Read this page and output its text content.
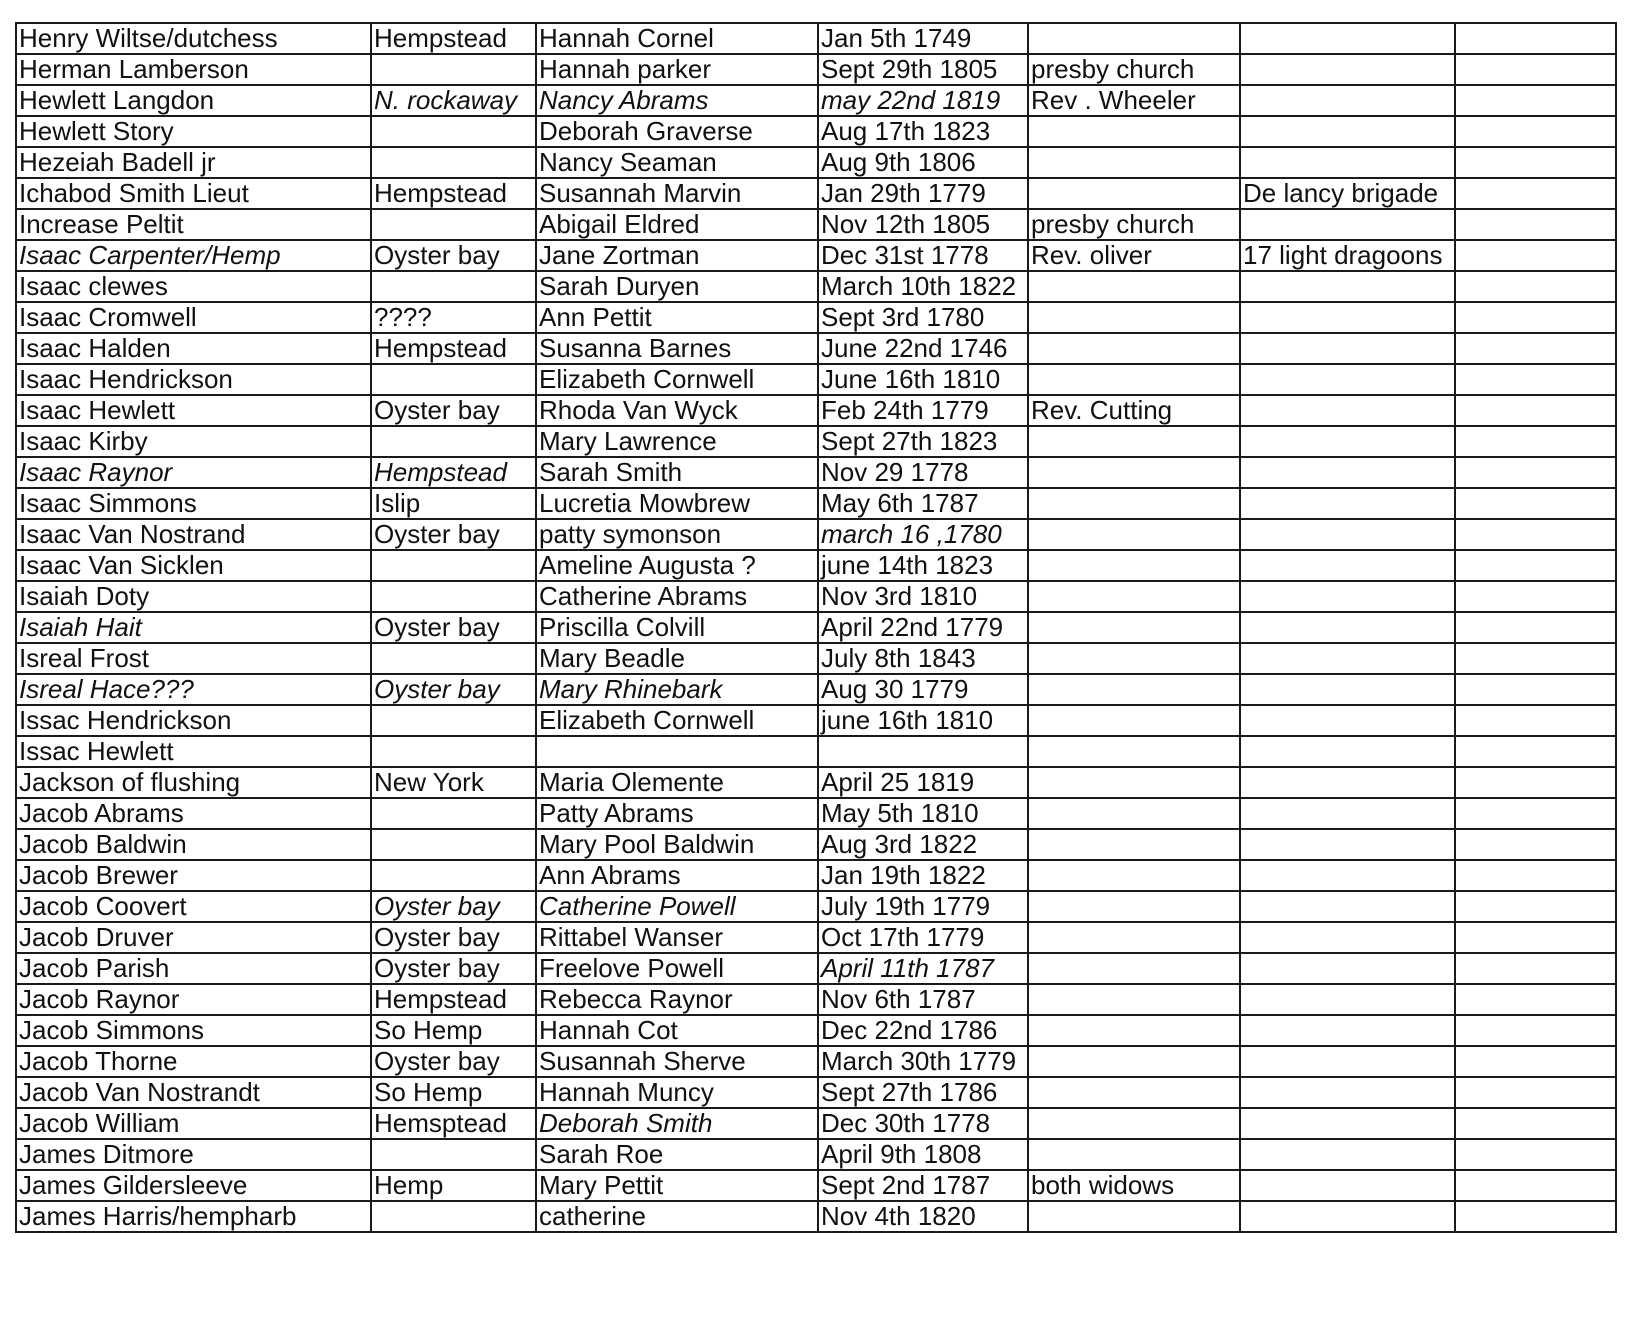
Henry Wiltse/dutchess	Hempstead	Hannah Cornel	Jan 5th 1749			
Herman Lamberson		Hannah parker	Sept 29th 1805	presby church		
Hewlett Langdon	N. rockaway	Nancy Abrams	may 22nd 1819	Rev . Wheeler		
Hewlett Story		Deborah Graverse	Aug 17th 1823			
Hezeiah Badell jr		Nancy Seaman	Aug 9th 1806			
Ichabod Smith Lieut	Hempstead	Susannah Marvin	Jan 29th 1779		De lancy brigade	
Increase Peltit		Abigail Eldred	Nov 12th 1805	presby church		
Isaac Carpenter/Hemp	Oyster bay	Jane Zortman	Dec 31st 1778	Rev. oliver	17 light dragoons	
Isaac clewes		Sarah Duryen	March 10th 1822			
Isaac Cromwell	????	Ann Pettit	Sept 3rd 1780			
Isaac Halden	Hempstead	Susanna Barnes	June 22nd 1746			
Isaac Hendrickson		Elizabeth Cornwell	June 16th 1810			
Isaac Hewlett	Oyster bay	Rhoda Van Wyck	Feb 24th 1779	Rev. Cutting		
Isaac Kirby		Mary Lawrence	Sept 27th 1823			
Isaac Raynor	Hempstead	Sarah Smith	Nov 29 1778			
Isaac Simmons	Islip	Lucretia Mowbrew	May 6th 1787			
Isaac Van Nostrand	Oyster bay	patty symonson	march 16 ,1780			
Isaac Van Sicklen		Ameline Augusta ?	june 14th 1823			
Isaiah Doty		Catherine Abrams	Nov 3rd 1810			
Isaiah Hait	Oyster bay	Priscilla Colvill	April 22nd 1779			
Isreal Frost		Mary Beadle	July 8th 1843			
Isreal Hace???	Oyster bay	Mary Rhinebark	Aug 30 1779			
Issac Hendrickson		Elizabeth Cornwell	june 16th 1810			
Issac Hewlett						
Jackson of flushing	New York	Maria Olemente	April 25 1819			
Jacob Abrams		Patty Abrams	May 5th 1810			
Jacob Baldwin		Mary Pool Baldwin	Aug 3rd 1822			
Jacob Brewer		Ann Abrams	Jan 19th 1822			
Jacob Coovert	Oyster bay	Catherine Powell	July 19th 1779			
Jacob Druver	Oyster bay	Rittabel Wanser	Oct 17th 1779			
Jacob Parish	Oyster bay	Freelove Powell	April 11th 1787			
Jacob Raynor	Hempstead	Rebecca Raynor	Nov 6th 1787			
Jacob Simmons	So Hemp	Hannah Cot	Dec 22nd 1786			
Jacob Thorne	Oyster bay	Susannah Sherve	March 30th 1779			
Jacob Van Nostrandt	So Hemp	Hannah Muncy	Sept 27th 1786			
Jacob William	Hemsptead	Deborah Smith	Dec 30th 1778			
James Ditmore		Sarah Roe	April 9th 1808			
James Gildersleeve	Hemp	Mary Pettit	Sept 2nd 1787	both widows		
James Harris/hempharb		catherine	Nov 4th 1820			
